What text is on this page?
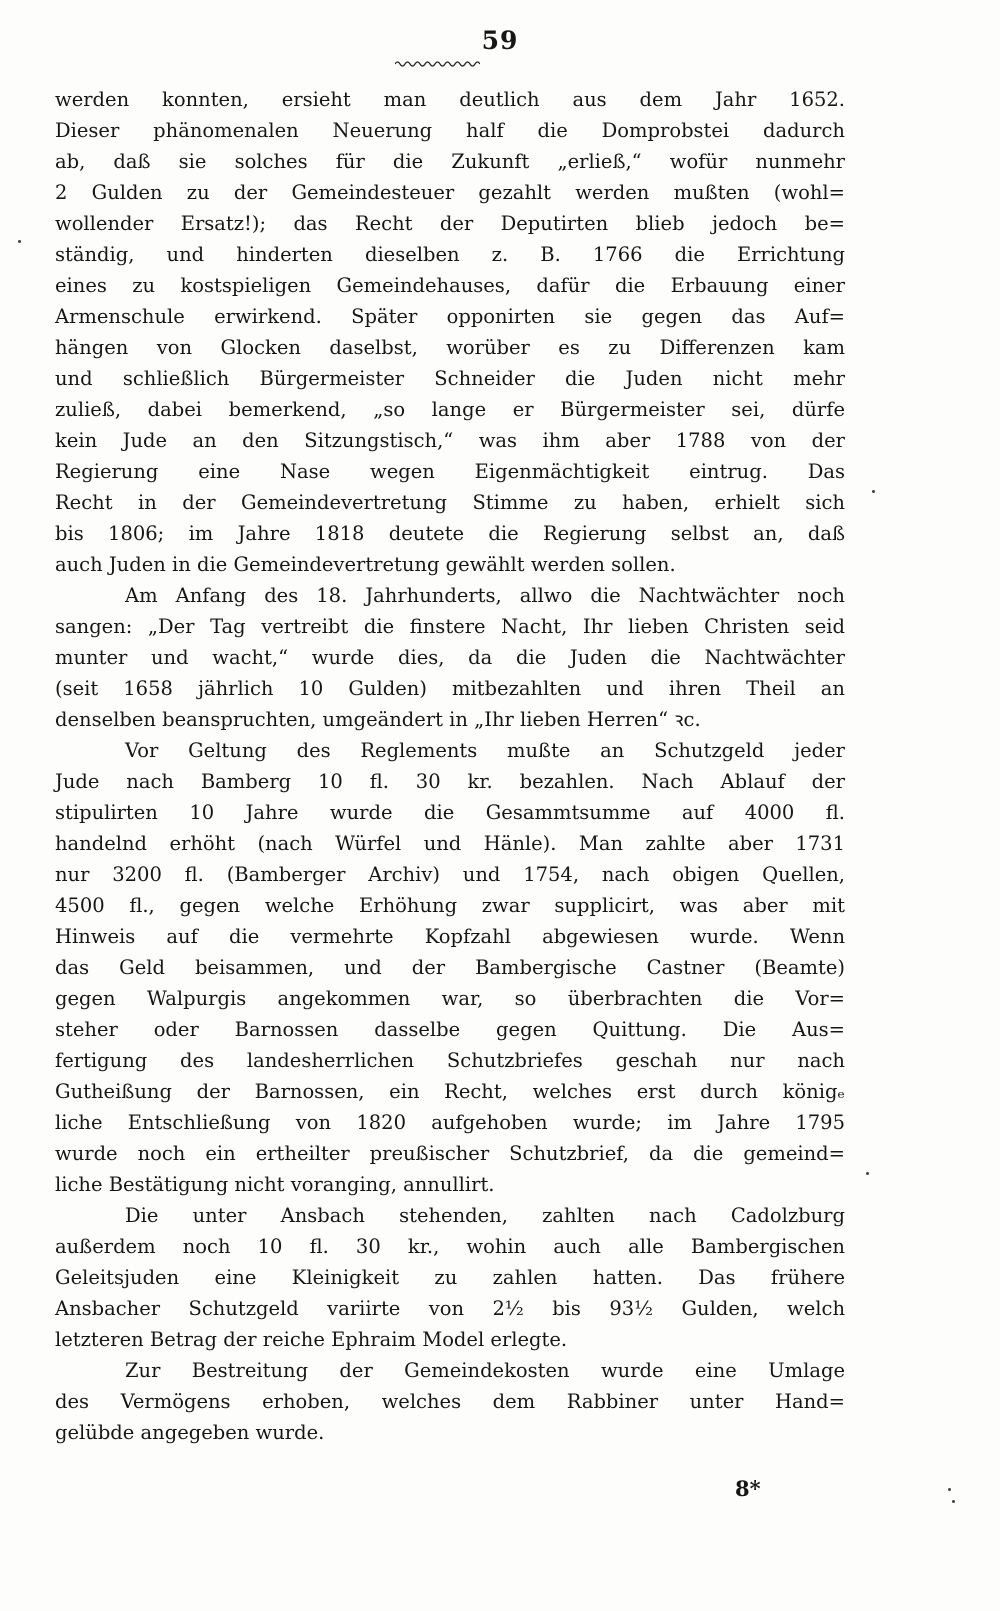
59
werden konnten, ersieht man deutlich aus dem Jahr 1652.
Dieser phänomenalen Neuerung half die Domprobstei dadurch
ab, daß sie solches für die Zukunft „erließ,“ wofür nunmehr
2 Gulden zu der Gemeindesteuer gezahlt werden mußten (wohl=
wollender Ersatz!); das Recht der Deputirten blieb jedoch be=
ständig, und hinderten dieselben z. B. 1766 die Errichtung
eines zu kostspieligen Gemeindehauses, dafür die Erbauung einer
Armenschule erwirkend. Später opponirten sie gegen das Auf=
hängen von Glocken daselbst, worüber es zu Differenzen kam
und schließlich Bürgermeister Schneider die Juden nicht mehr
zuließ, dabei bemerkend, „so lange er Bürgermeister sei, dürfe
kein Jude an den Sitzungstisch,“ was ihm aber 1788 von der
Regierung eine Nase wegen Eigenmächtigkeit eintrug. Das
Recht in der Gemeindevertretung Stimme zu haben, erhielt sich
bis 1806; im Jahre 1818 deutete die Regierung selbst an, daß
auch Juden in die Gemeindevertretung gewählt werden sollen.
Am Anfang des 18. Jahrhunderts, allwo die Nachtwächter noch
sangen: „Der Tag vertreibt die finstere Nacht, Ihr lieben Christen seid
munter und wacht,“ wurde dies, da die Juden die Nachtwächter
(seit 1658 jährlich 10 Gulden) mitbezahlten und ihren Theil an
denselben beanspruchten, umgeändert in „Ihr lieben Herren“ ꝛc.
Vor Geltung des Reglements mußte an Schutzgeld jeder
Jude nach Bamberg 10 fl. 30 kr. bezahlen. Nach Ablauf der
stipulirten 10 Jahre wurde die Gesammtsumme auf 4000 fl.
handelnd erhöht (nach Würfel und Hänle). Man zahlte aber 1731
nur 3200 fl. (Bamberger Archiv) und 1754, nach obigen Quellen,
4500 fl., gegen welche Erhöhung zwar supplicirt, was aber mit
Hinweis auf die vermehrte Kopfzahl abgewiesen wurde. Wenn
das Geld beisammen, und der Bambergische Castner (Beamte)
gegen Walpurgis angekommen war, so überbrachten die Vor=
steher oder Barnossen dasselbe gegen Quittung. Die Aus=
fertigung des landesherrlichen Schutzbriefes geschah nur nach
Gutheißung der Barnossen, ein Recht, welches erst durch königₑ
liche Entschließung von 1820 aufgehoben wurde; im Jahre 1795
wurde noch ein ertheilter preußischer Schutzbrief, da die gemeind=
liche Bestätigung nicht voranging, annullirt.
Die unter Ansbach stehenden, zahlten nach Cadolzburg
außerdem noch 10 fl. 30 kr., wohin auch alle Bambergischen
Geleitsjuden eine Kleinigkeit zu zahlen hatten. Das frühere
Ansbacher Schutzgeld variirte von 2½ bis 93½ Gulden, welch
letzteren Betrag der reiche Ephraim Model erlegte.
Zur Bestreitung der Gemeindekosten wurde eine Umlage
des Vermögens erhoben, welches dem Rabbiner unter Hand=
gelübde angegeben wurde.
8*
